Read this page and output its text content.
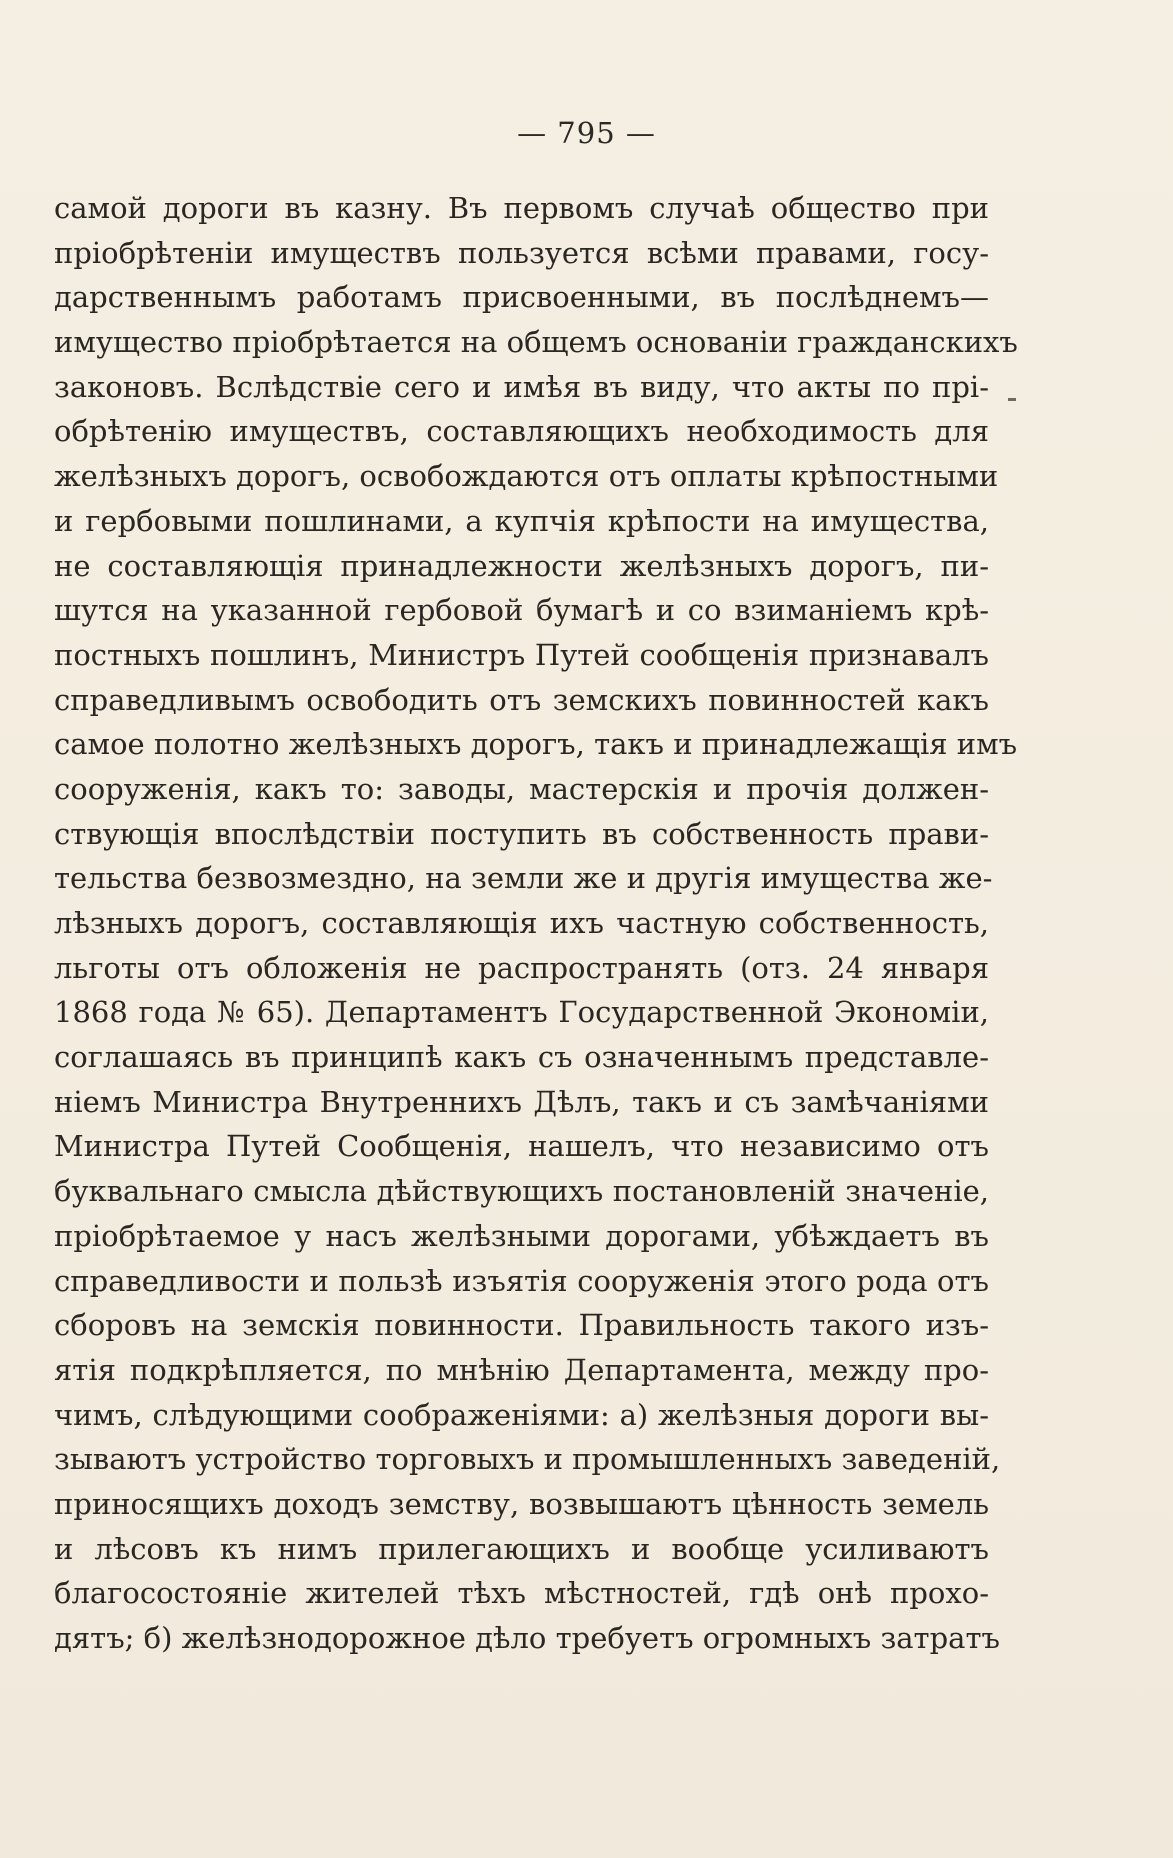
— 795 —
самой дороги въ казну. Въ первомъ случаѣ общество при
пріобрѣтеніи имуществъ пользуется всѣми правами, госу-
дарственнымъ работамъ присвоенными, въ послѣднемъ—
имущество пріобрѣтается на общемъ основаніи гражданскихъ
законовъ. Вслѣдствіе сего и имѣя въ виду, что акты по прі-
обрѣтенію имуществъ, составляющихъ необходимость для
желѣзныхъ дорогъ, освобождаются отъ оплаты крѣпостными
и гербовыми пошлинами, а купчія крѣпости на имущества,
не составляющія принадлежности желѣзныхъ дорогъ, пи-
шутся на указанной гербовой бумагѣ и со взиманіемъ крѣ-
постныхъ пошлинъ, Министръ Путей сообщенія признавалъ
справедливымъ освободить отъ земскихъ повинностей какъ
самое полотно желѣзныхъ дорогъ, такъ и принадлежащія имъ
сооруженія, какъ то: заводы, мастерскія и прочія должен-
ствующія впослѣдствіи поступить въ собственность прави-
тельства безвозмездно, на земли же и другія имущества же-
лѣзныхъ дорогъ, составляющія ихъ частную собственность,
льготы отъ обложенія не распространять (отз. 24 января
1868 года № 65). Департаментъ Государственной Экономіи,
соглашаясь въ принципѣ какъ съ означеннымъ представле-
ніемъ Министра Внутреннихъ Дѣлъ, такъ и съ замѣчаніями
Министра Путей Сообщенія, нашелъ, что независимо отъ
буквальнаго смысла дѣйствующихъ постановленій значеніе,
пріобрѣтаемое у насъ желѣзными дорогами, убѣждаетъ въ
справедливости и пользѣ изъятія сооруженія этого рода отъ
сборовъ на земскія повинности. Правильность такого изъ-
ятія подкрѣпляется, по мнѣнію Департамента, между про-
чимъ, слѣдующими соображеніями: а) желѣзныя дороги вы-
зываютъ устройство торговыхъ и промышленныхъ заведеній,
приносящихъ доходъ земству, возвышаютъ цѣнность земель
и лѣсовъ къ нимъ прилегающихъ и вообще усиливаютъ
благосостояніе жителей тѣхъ мѣстностей, гдѣ онѣ прохо-
дятъ; б) желѣзнодорожное дѣло требуетъ огромныхъ затратъ
